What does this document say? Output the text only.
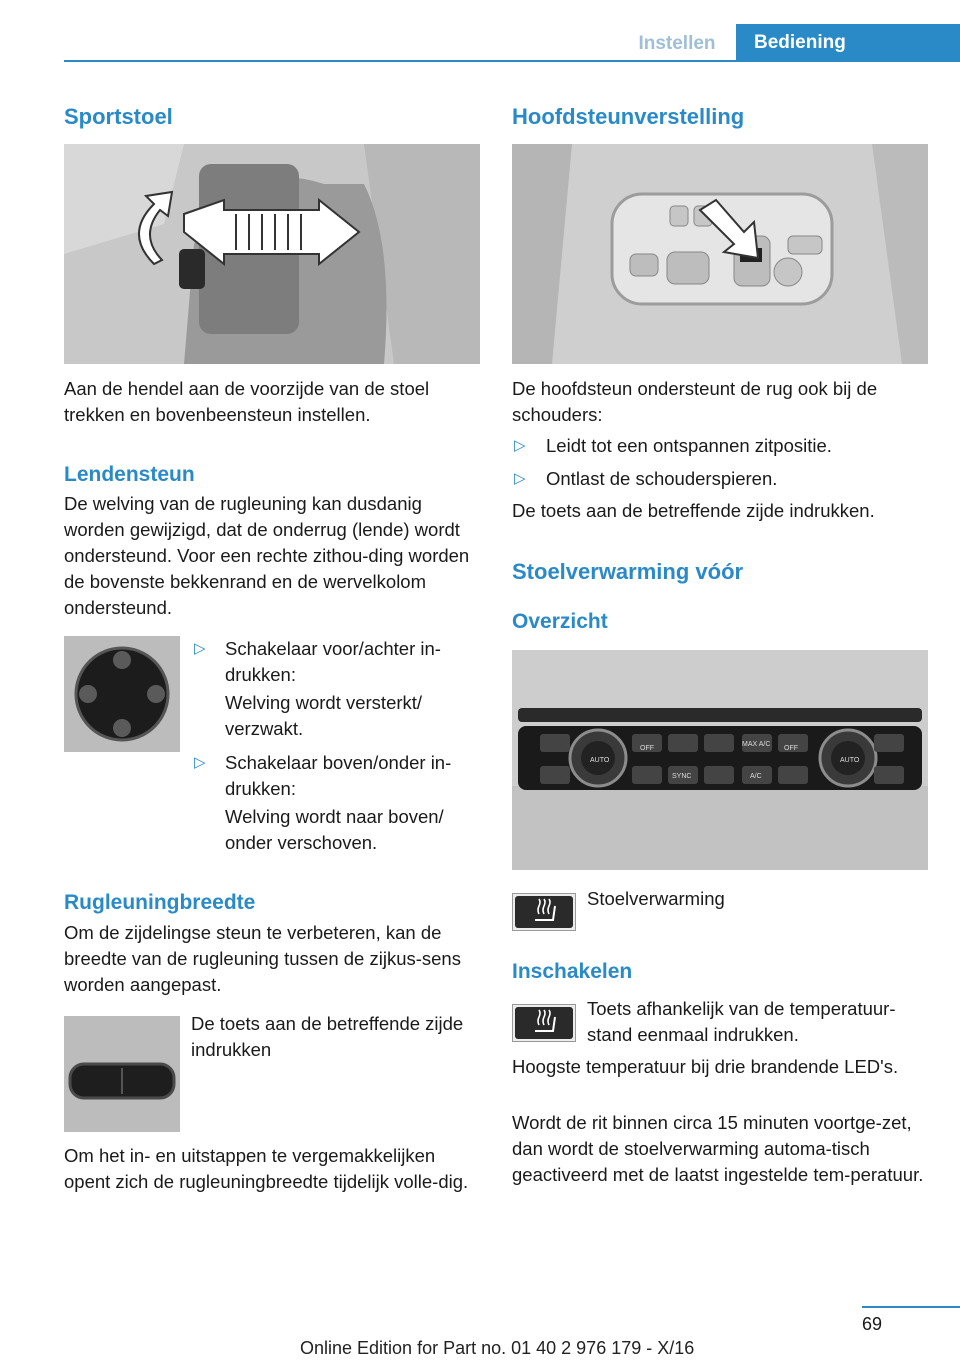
Instellen	Bediening
Sportstoel
Aan de hendel aan de voorzijde van de stoel trekken en bovenbeensteun instellen.
Lendensteun
De welving van de rugleuning kan dusdanig worden gewijzigd, dat de onderrug (lende) wordt ondersteund. Voor een rechte zithou-ding worden de bovenste bekkenrand en de wervelkolom ondersteund.
▷ Schakelaar voor/achter in-drukken:
Welving wordt versterkt/ verzwakt.
▷ Schakelaar boven/onder in-drukken:
Welving wordt naar boven/ onder verschoven.
Rugleuningbreedte
Om de zijdelingse steun te verbeteren, kan de breedte van de rugleuning tussen de zijkus-sens worden aangepast.
De toets aan de betreffende zijde indrukken
Om het in- en uitstappen te vergemakkelijken opent zich de rugleuningbreedte tijdelijk volle-dig.
Hoofdsteunverstelling
De hoofdsteun ondersteunt de rug ook bij de schouders:
▷ Leidt tot een ontspannen zitpositie.
▷ Ontlast de schouderspieren.
De toets aan de betreffende zijde indrukken.
Stoelverwarming vóór
Overzicht
AUTO
OFF
MAX A/C
OFF
SYNC	A/C
AUTO
Stoelverwarming
Inschakelen
Toets afhankelijk van de temperatuur-stand eenmaal indrukken.
Hoogste temperatuur bij drie brandende LED's.
Wordt de rit binnen circa 15 minuten voortge-zet, dan wordt de stoelverwarming automa-tisch geactiveerd met de laatst ingestelde tem-peratuur.
69
Online Edition for Part no. 01 40 2 976 179 - X/16
